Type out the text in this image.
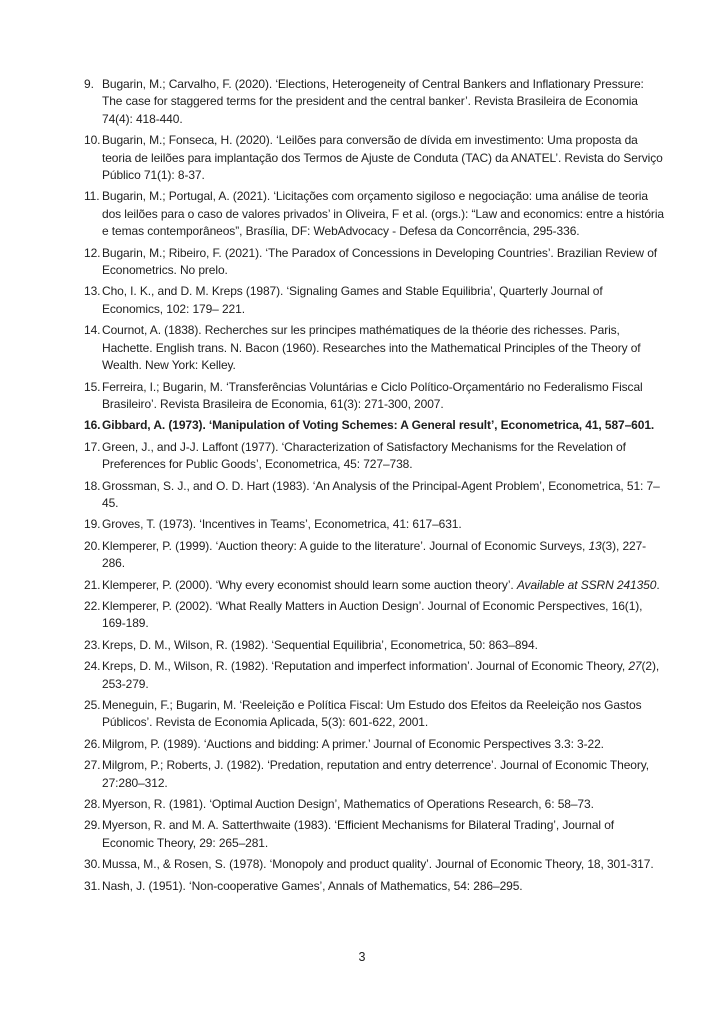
9. Bugarin, M.; Carvalho, F. (2020). ‘Elections, Heterogeneity of Central Bankers and Inflationary Pressure: The case for staggered terms for the president and the central banker’. Revista Brasileira de Economia 74(4): 418-440.
10. Bugarin, M.; Fonseca, H. (2020). ‘Leilões para conversão de dívida em investimento: Uma proposta da teoria de leilões para implantação dos Termos de Ajuste de Conduta (TAC) da ANATEL’. Revista do Serviço Público 71(1): 8-37.
11. Bugarin, M.; Portugal, A. (2021). ‘Licitações com orçamento sigiloso e negociação: uma análise de teoria dos leilões para o caso de valores privados’ in Oliveira, F et al. (orgs.): “Law and economics: entre a história e temas contemporâneos”, Brasília, DF: WebAdvocacy - Defesa da Concorrência, 295-336.
12. Bugarin, M.; Ribeiro, F. (2021). ‘The Paradox of Concessions in Developing Countries’. Brazilian Review of Econometrics. No prelo.
13. Cho, I. K., and D. M. Kreps (1987). ‘Signaling Games and Stable Equilibria’, Quarterly Journal of Economics, 102: 179– 221.
14. Cournot, A. (1838). Recherches sur les principes mathématiques de la théorie des richesses. Paris, Hachette. English trans. N. Bacon (1960). Researches into the Mathematical Principles of the Theory of Wealth. New York: Kelley.
15. Ferreira, I.; Bugarin, M. ‘Transferências Voluntárias e Ciclo Político-Orçamentário no Federalismo Fiscal Brasileiro’. Revista Brasileira de Economia, 61(3): 271-300, 2007.
16. Gibbard, A. (1973). ‘Manipulation of Voting Schemes: A General result’, Econometrica, 41, 587–601.
17. Green, J., and J-J. Laffont (1977). ‘Characterization of Satisfactory Mechanisms for the Revelation of Preferences for Public Goods’, Econometrica, 45: 727–738.
18. Grossman, S. J., and O. D. Hart (1983). ‘An Analysis of the Principal-Agent Problem’, Econometrica, 51: 7–45.
19. Groves, T. (1973). ‘Incentives in Teams’, Econometrica, 41: 617–631.
20. Klemperer, P. (1999). ‘Auction theory: A guide to the literature’. Journal of Economic Surveys, 13(3), 227-286.
21. Klemperer, P. (2000). ‘Why every economist should learn some auction theory’. Available at SSRN 241350.
22. Klemperer, P. (2002). ‘What Really Matters in Auction Design’. Journal of Economic Perspectives, 16(1), 169-189.
23. Kreps, D. M., Wilson, R. (1982). ‘Sequential Equilibria’, Econometrica, 50: 863–894.
24. Kreps, D. M., Wilson, R. (1982). ‘Reputation and imperfect information’. Journal of Economic Theory, 27(2), 253-279.
25. Meneguin, F.; Bugarin, M. ‘Reeleição e Política Fiscal: Um Estudo dos Efeitos da Reeleição nos Gastos Públicos’. Revista de Economia Aplicada, 5(3): 601-622, 2001.
26. Milgrom, P. (1989). ‘Auctions and bidding: A primer.’ Journal of Economic Perspectives 3.3: 3-22.
27. Milgrom, P.; Roberts, J. (1982). ‘Predation, reputation and entry deterrence’. Journal of Economic Theory, 27:280–312.
28. Myerson, R. (1981). ‘Optimal Auction Design’, Mathematics of Operations Research, 6: 58–73.
29. Myerson, R. and M. A. Satterthwaite (1983). ‘Efficient Mechanisms for Bilateral Trading’, Journal of Economic Theory, 29: 265–281.
30. Mussa, M., & Rosen, S. (1978). ‘Monopoly and product quality’. Journal of Economic Theory, 18, 301-317.
31. Nash, J. (1951). ‘Non-cooperative Games’, Annals of Mathematics, 54: 286–295.
3
